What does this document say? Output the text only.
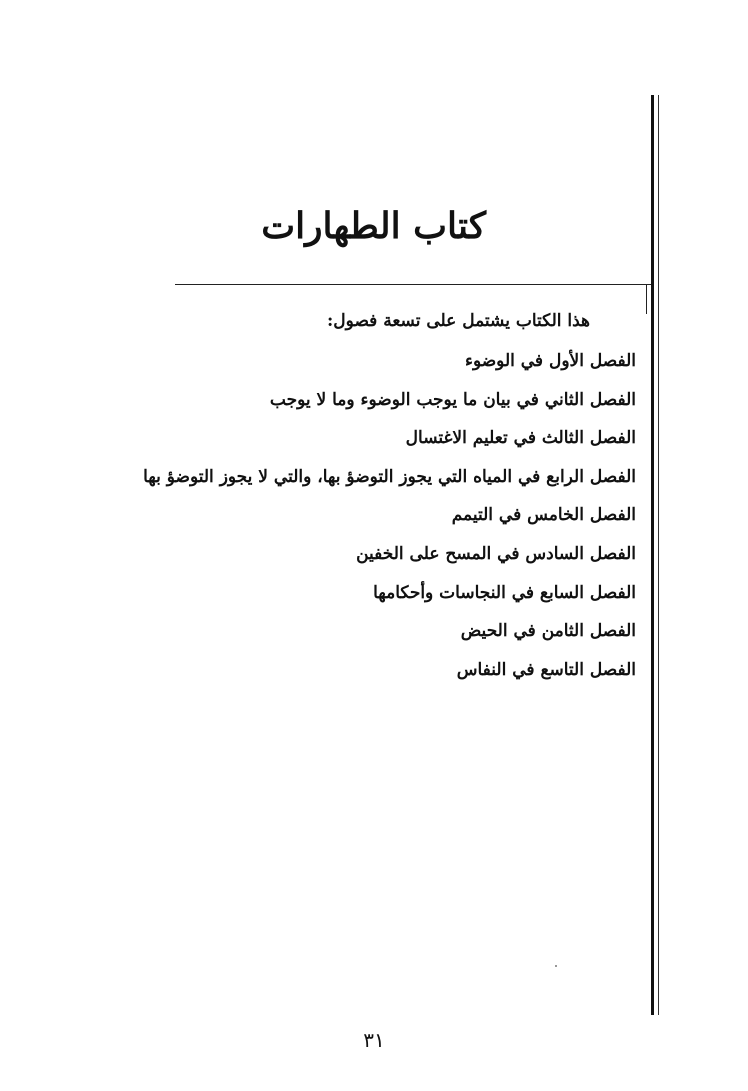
كتاب الطهارات

هذا الكتاب يشتمل على تسعة فصول:

الفصل الأول في الوضوء
الفصل الثاني في بيان ما يوجب الوضوء وما لا يوجب
الفصل الثالث في تعليم الاغتسال
الفصل الرابع في المياه التي يجوز التوضؤ بها، والتي لا يجوز التوضؤ بها
الفصل الخامس في التيمم
الفصل السادس في المسح على الخفين
الفصل السابع في النجاسات وأحكامها
الفصل الثامن في الحيض
الفصل التاسع في النفاس
٣١
